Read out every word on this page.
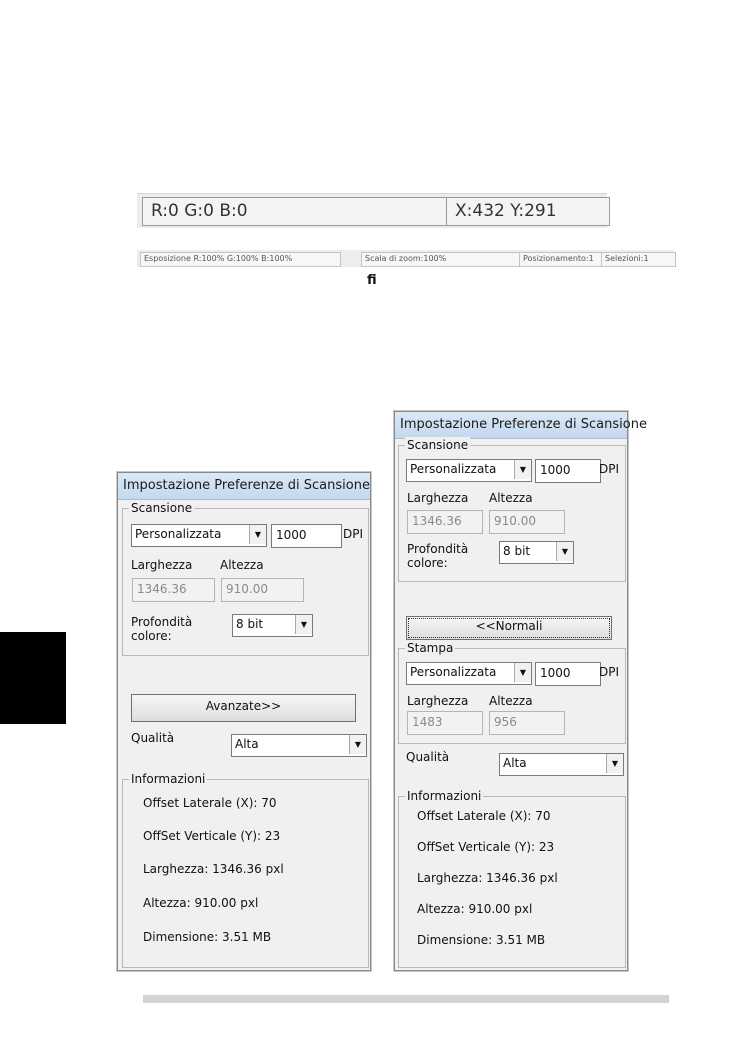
R:0 G:0 B:0	X:432 Y:291
Esposizione R:100% G:100% B:100%	Scala di zoom:100%	Posizionamento:1	Selezioni:1
fi
Impostazione Preferenze di Scansione
Scansione
Personalizzata	▼	1000	DPI
Larghezza Altezza
1346.36	910.00
Profondità
colore:
8 bit	▼
Avanzate>>
Qualità	Alta	▼
Informazioni
Offset Laterale (X): 70
OffSet Verticale (Y): 23
Larghezza: 1346.36 pxl
Altezza: 910.00 pxl
Dimensione: 3.51 MB
Impostazione Preferenze di Scansione
Scansione
Personalizzata	▼	1000	DPI
Larghezza Altezza
1346.36	910.00
Profondità
colore:
8 bit	▼
<<Normali
Stampa
Personalizzata	▼	1000	DPI
Larghezza Altezza
1483	956
Qualità	Alta	▼
Informazioni
Offset Laterale (X): 70
OffSet Verticale (Y): 23
Larghezza: 1346.36 pxl
Altezza: 910.00 pxl
Dimensione: 3.51 MB
